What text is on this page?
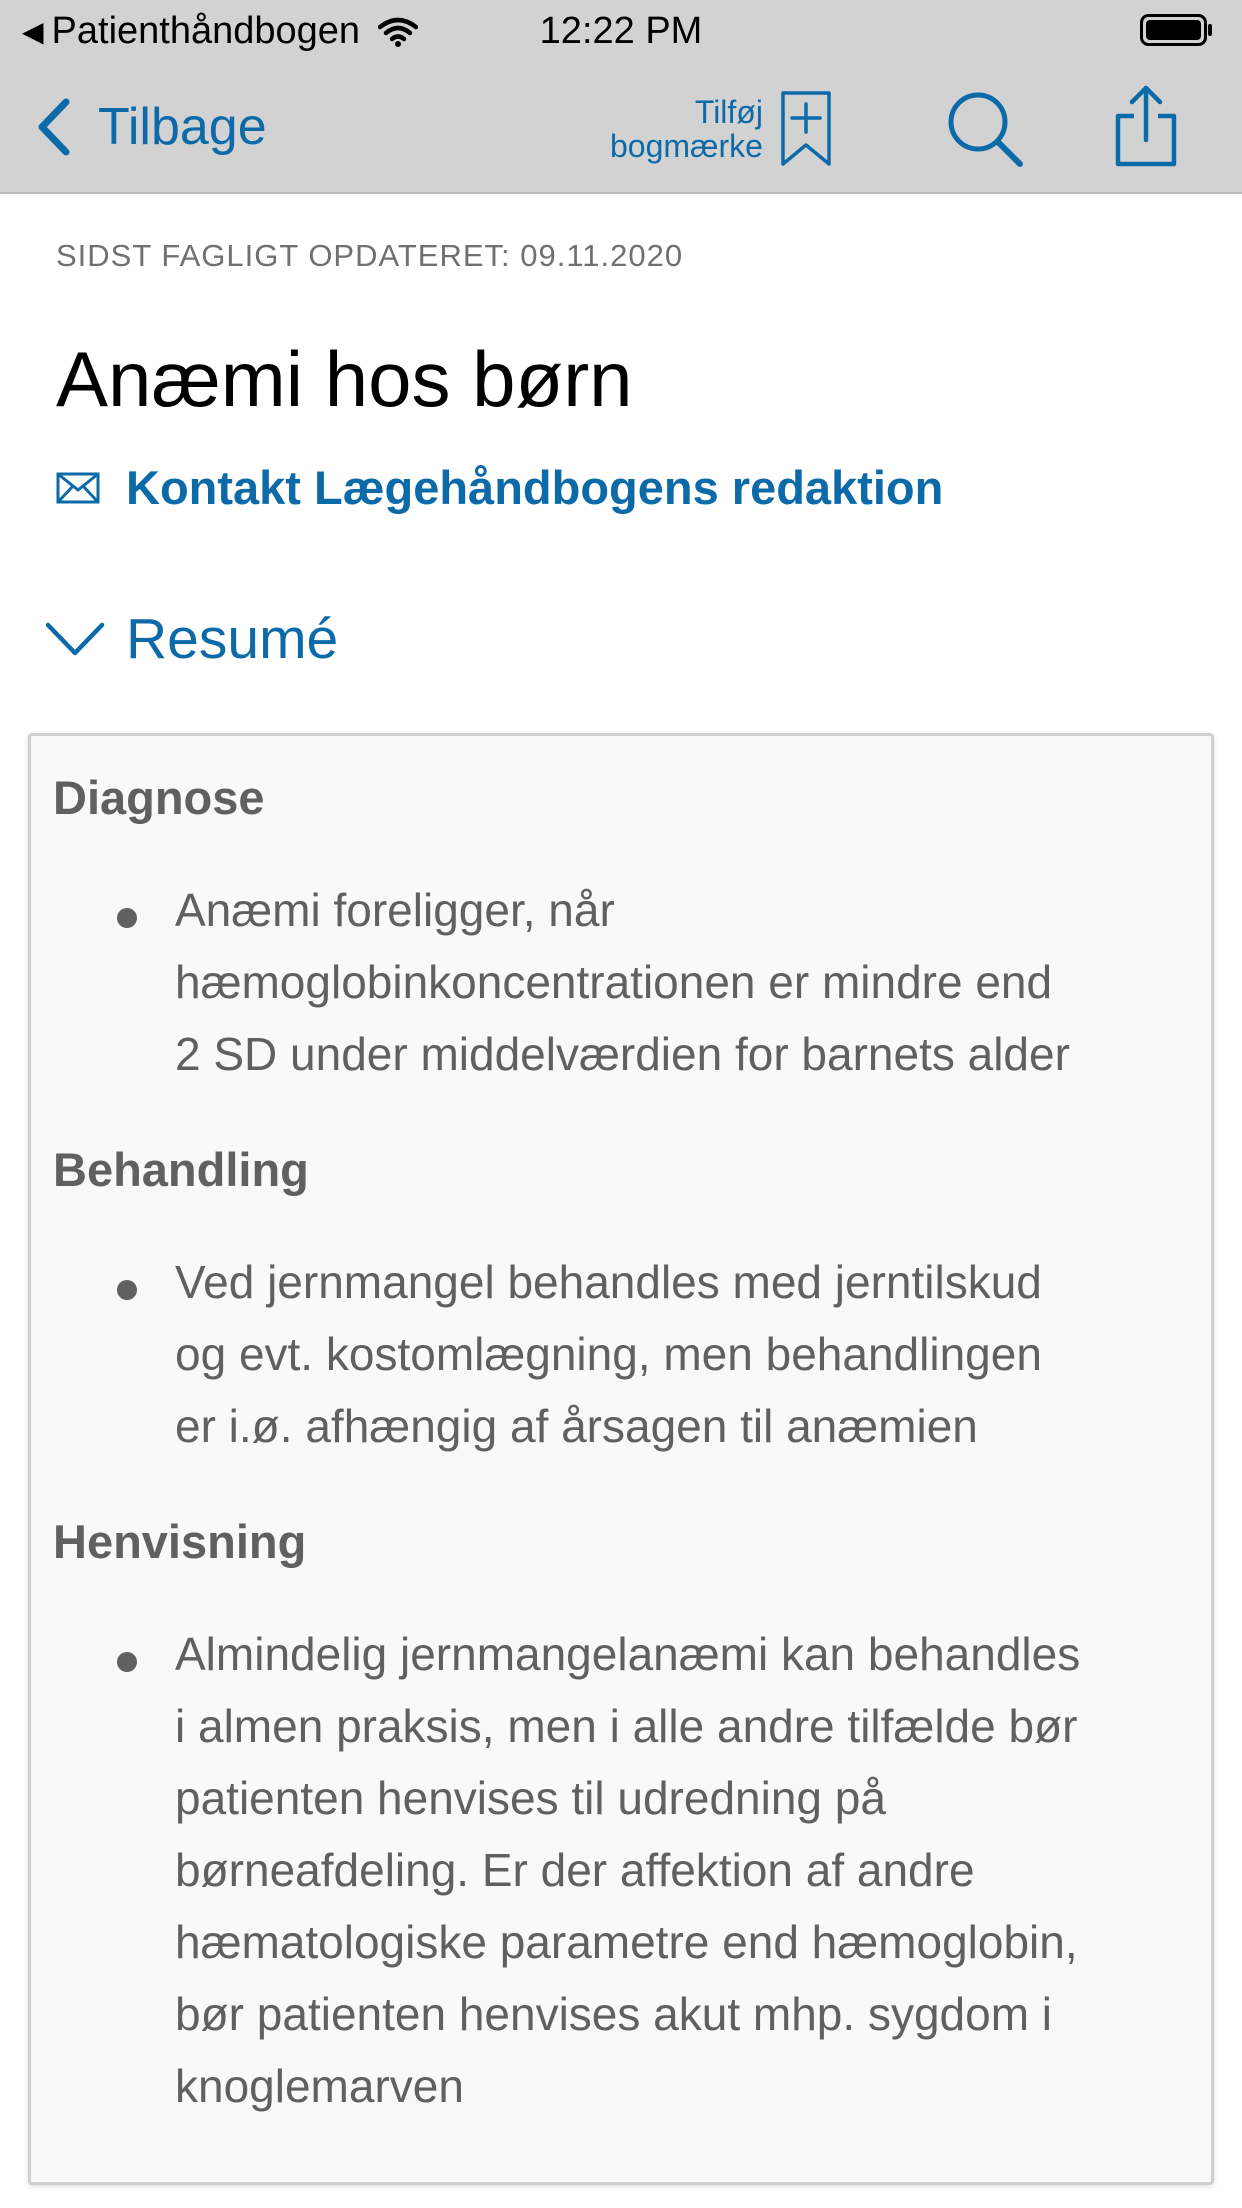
◀ Patienthåndbogen	12:22 PM
Tilbage	Tilføj
bogmærke
SIDST FAGLIGT OPDATERET: 09.11.2020
Anæmi hos børn
Kontakt Lægehåndbogens redaktion
Resumé
Diagnose
Anæmi foreligger, når
hæmoglobinkoncentrationen er mindre end
2 SD under middelværdien for barnets alder
Behandling
Ved jernmangel behandles med jerntilskud
og evt. kostomlægning, men behandlingen
er i.ø. afhængig af årsagen til anæmien
Henvisning
Almindelig jernmangelanæmi kan behandles
i almen praksis, men i alle andre tilfælde bør
patienten henvises til udredning på
børneafdeling. Er der affektion af andre
hæmatologiske parametre end hæmoglobin,
bør patienten henvises akut mhp. sygdom i
knoglemarven
